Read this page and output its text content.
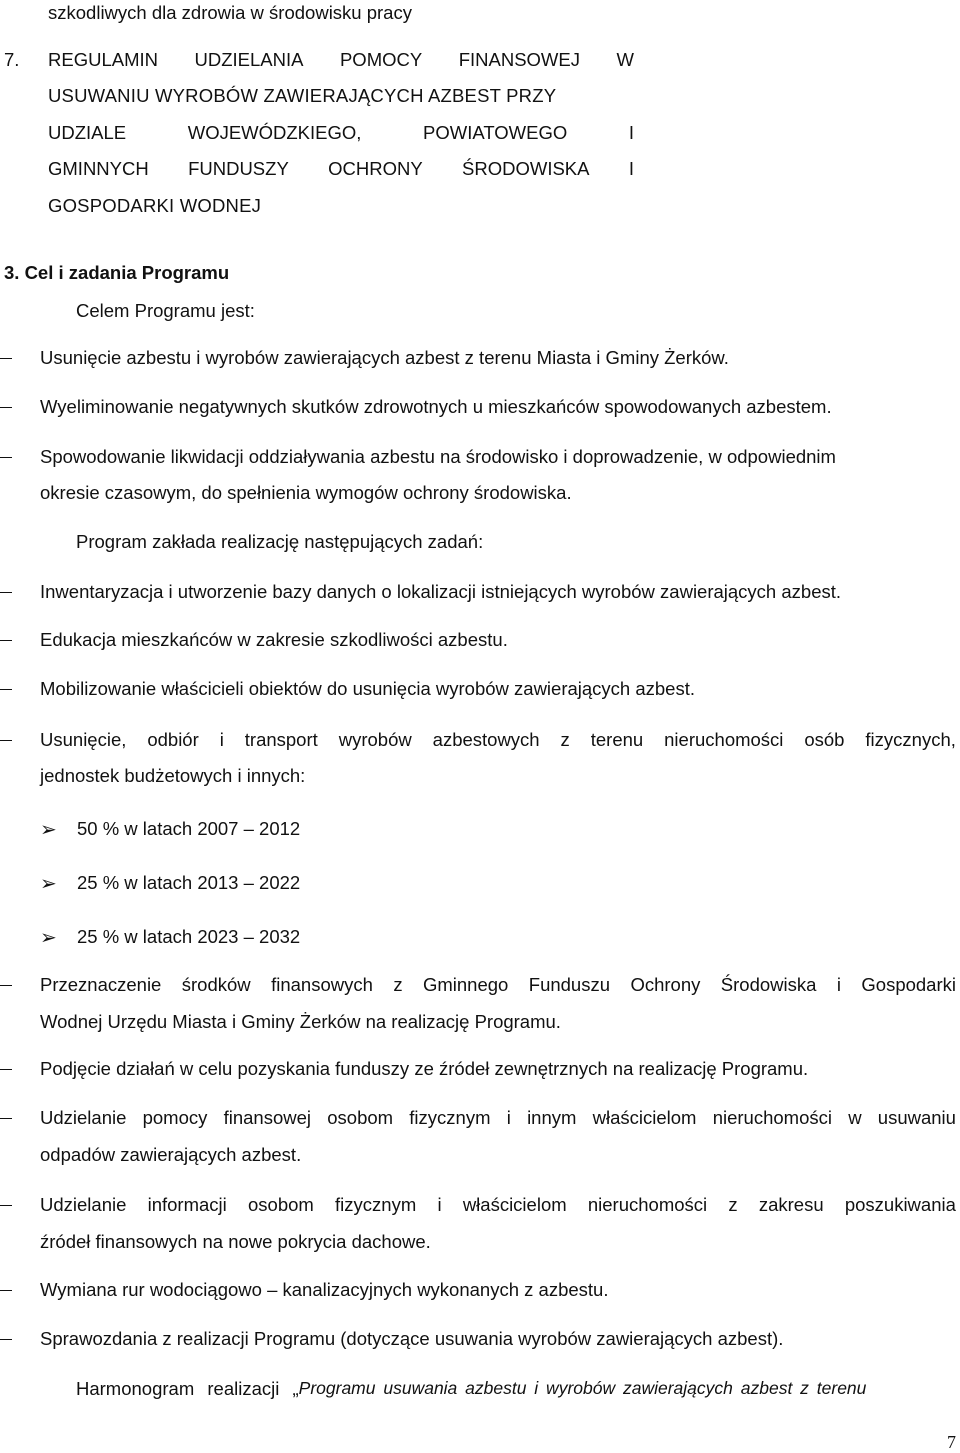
szkodliwych dla zdrowia w środowisku pracy
7. REGULAMIN UDZIELANIA POMOCY FINANSOWEJ W
USUWANIU WYROBÓW ZAWIERAJĄCYCH AZBEST PRZY
UDZIALE	WOJEWÓDZKIEGO,	POWIATOWEGO	I
GMINNYCH FUNDUSZY OCHRONY ŚRODOWISKA I
GOSPODARKI WODNEJ
3. Cel i zadania Programu
Celem Programu jest:
Usunięcie azbestu i wyrobów zawierających azbest z terenu Miasta i Gminy Żerków.
Wyeliminowanie negatywnych skutków zdrowotnych u mieszkańców spowodowanych azbestem.
Spowodowanie likwidacji oddziaływania azbestu na środowisko i doprowadzenie, w odpowiednim
okresie czasowym, do spełnienia wymogów ochrony środowiska.
Program zakłada realizację następujących zadań:
Inwentaryzacja i utworzenie bazy danych o lokalizacji istniejących wyrobów zawierających azbest.
Edukacja mieszkańców w zakresie szkodliwości azbestu.
Mobilizowanie właścicieli obiektów do usunięcia wyrobów zawierających azbest.
Usunięcie, odbiór i transport wyrobów azbestowych z terenu nieruchomości osób fizycznych,
jednostek budżetowych i innych:
➢ 50 % w latach 2007 – 2012
➢ 25 % w latach 2013 – 2022
➢ 25 % w latach 2023 – 2032
Przeznaczenie środków finansowych z Gminnego Funduszu Ochrony Środowiska i Gospodarki
Wodnej Urzędu Miasta i Gminy Żerków na realizację Programu.
Podjęcie działań w celu pozyskania funduszy ze źródeł zewnętrznych na realizację Programu.
Udzielanie pomocy finansowej osobom fizycznym i innym właścicielom nieruchomości w usuwaniu
odpadów zawierających azbest.
Udzielanie informacji osobom fizycznym i właścicielom nieruchomości z zakresu poszukiwania
źródeł finansowych na nowe pokrycia dachowe.
Wymiana rur wodociągowo – kanalizacyjnych wykonanych z azbestu.
Sprawozdania z realizacji Programu (dotyczące usuwania wyrobów zawierających azbest).
Harmonogram realizacji „ Programu usuwania azbestu i wyrobów zawierających azbest z terenu
7
